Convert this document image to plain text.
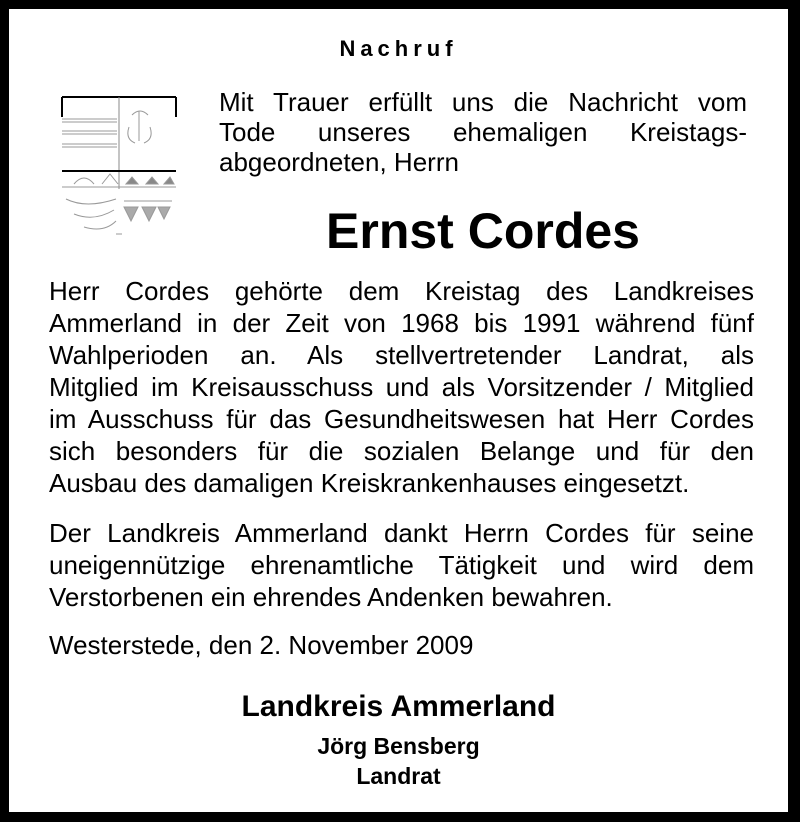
Nachruf
Mit Trauer erfüllt uns die Nachricht vom
Tode unseres ehemaligen Kreistags-
abgeordneten, Herrn
Ernst Cordes
Herr Cordes gehörte dem Kreistag des Landkreises
Ammerland in der Zeit von 1968 bis 1991 während fünf
Wahlperioden an. Als stellvertretender Landrat, als
Mitglied im Kreisausschuss und als Vorsitzender / Mitglied
im Ausschuss für das Gesundheitswesen hat Herr Cordes
sich besonders für die sozialen Belange und für den
Ausbau des damaligen Kreiskrankenhauses eingesetzt.
Der Landkreis Ammerland dankt Herrn Cordes für seine
uneigennützige ehrenamtliche Tätigkeit und wird dem
Verstorbenen ein ehrendes Andenken bewahren.
Westerstede, den 2. November 2009
Landkreis Ammerland
Jörg Bensberg
Landrat
